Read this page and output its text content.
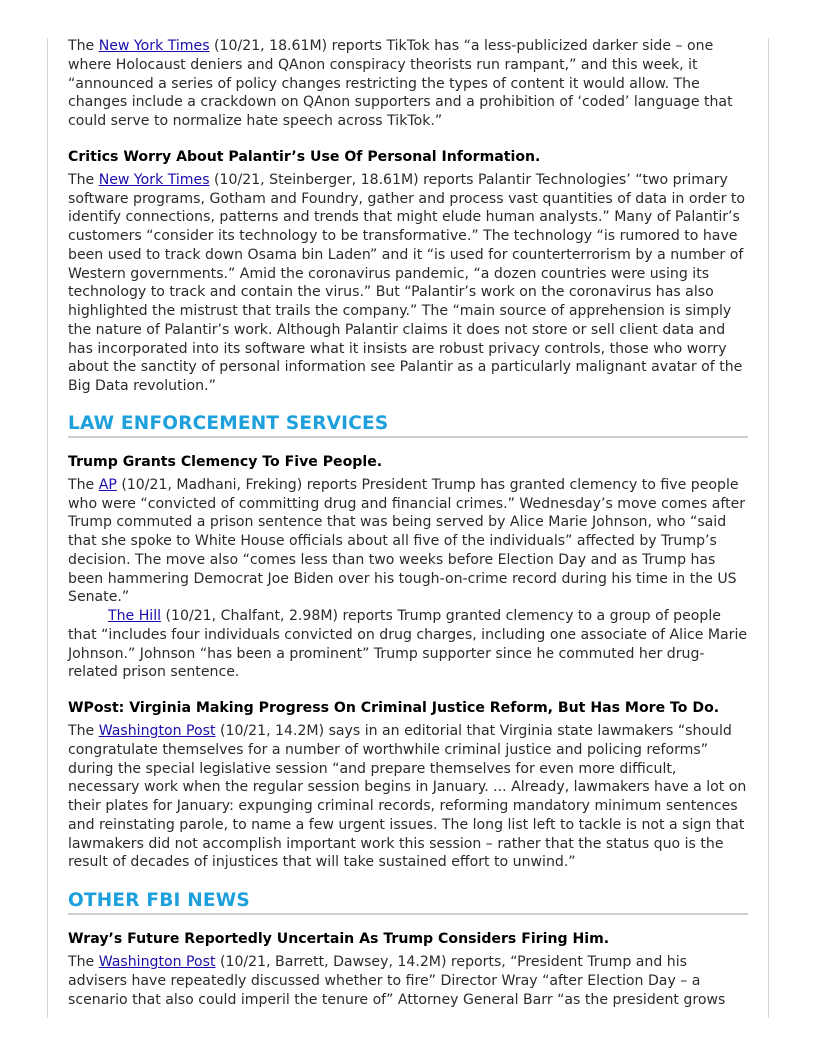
The New York Times (10/21, 18.61M) reports TikTok has “a less-publicized darker side – one where Holocaust deniers and QAnon conspiracy theorists run rampant,” and this week, it “announced a series of policy changes restricting the types of content it would allow. The changes include a crackdown on QAnon supporters and a prohibition of ‘coded’ language that could serve to normalize hate speech across TikTok.”

Critics Worry About Palantir’s Use Of Personal Information.

The New York Times (10/21, Steinberger, 18.61M) reports Palantir Technologies’ “two primary software programs, Gotham and Foundry, gather and process vast quantities of data in order to identify connections, patterns and trends that might elude human analysts.” Many of Palantir’s customers “consider its technology to be transformative.” The technology “is rumored to have been used to track down Osama bin Laden” and it “is used for counterterrorism by a number of Western governments.” Amid the coronavirus pandemic, “a dozen countries were using its technology to track and contain the virus.” But “Palantir’s work on the coronavirus has also highlighted the mistrust that trails the company.” The “main source of apprehension is simply the nature of Palantir’s work. Although Palantir claims it does not store or sell client data and has incorporated into its software what it insists are robust privacy controls, those who worry about the sanctity of personal information see Palantir as a particularly malignant avatar of the Big Data revolution.”

LAW ENFORCEMENT SERVICES
Trump Grants Clemency To Five People.

The AP (10/21, Madhani, Freking) reports President Trump has granted clemency to five people who were “convicted of committing drug and financial crimes.” Wednesday’s move comes after Trump commuted a prison sentence that was being served by Alice Marie Johnson, who “said that she spoke to White House officials about all five of the individuals” affected by Trump’s decision. The move also “comes less than two weeks before Election Day and as Trump has been hammering Democrat Joe Biden over his tough-on-crime record during his time in the US Senate.”

The Hill (10/21, Chalfant, 2.98M) reports Trump granted clemency to a group of people that “includes four individuals convicted on drug charges, including one associate of Alice Marie Johnson.” Johnson “has been a prominent” Trump supporter since he commuted her drug-related prison sentence.

WPost: Virginia Making Progress On Criminal Justice Reform, But Has More To Do.

The Washington Post (10/21, 14.2M) says in an editorial that Virginia state lawmakers “should congratulate themselves for a number of worthwhile criminal justice and policing reforms” during the special legislative session “and prepare themselves for even more difficult, necessary work when the regular session begins in January. ... Already, lawmakers have a lot on their plates for January: expunging criminal records, reforming mandatory minimum sentences and reinstating parole, to name a few urgent issues. The long list left to tackle is not a sign that lawmakers did not accomplish important work this session – rather that the status quo is the result of decades of injustices that will take sustained effort to unwind.”

OTHER FBI NEWS
Wray’s Future Reportedly Uncertain As Trump Considers Firing Him.

The Washington Post (10/21, Barrett, Dawsey, 14.2M) reports, “President Trump and his advisers have repeatedly discussed whether to fire” Director Wray “after Election Day – a scenario that also could imperil the tenure of” Attorney General Barr “as the president grows
